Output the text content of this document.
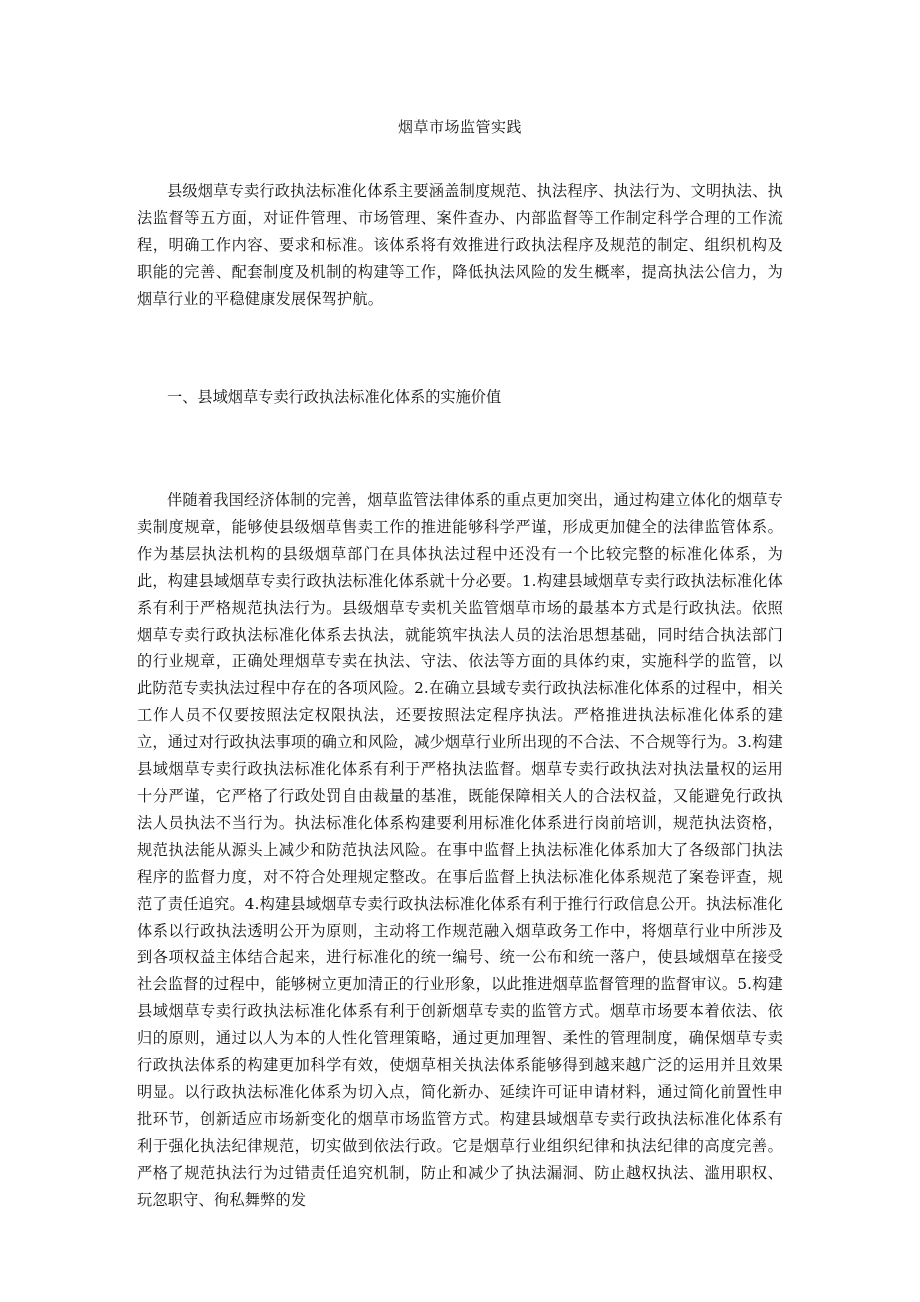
烟草市场监管实践

县级烟草专卖行政执法标准化体系主要涵盖制度规范、执法程序、执法行为、文明执法、执法监督等五方面，对证件管理、市场管理、案件查办、内部监督等工作制定科学合理的工作流程，明确工作内容、要求和标准。该体系将有效推进行政执法程序及规范的制定、组织机构及职能的完善、配套制度及机制的构建等工作，降低执法风险的发生概率，提高执法公信力，为烟草行业的平稳健康发展保驾护航。

一、县域烟草专卖行政执法标准化体系的实施价值

伴随着我国经济体制的完善，烟草监管法律体系的重点更加突出，通过构建立体化的烟草专卖制度规章，能够使县级烟草售卖工作的推进能够科学严谨，形成更加健全的法律监管体系。作为基层执法机构的县级烟草部门在具体执法过程中还没有一个比较完整的标准化体系，为此，构建县域烟草专卖行政执法标准化体系就十分必要。1.构建县域烟草专卖行政执法标准化体系有利于严格规范执法行为。县级烟草专卖机关监管烟草市场的最基本方式是行政执法。依照烟草专卖行政执法标准化体系去执法，就能筑牢执法人员的法治思想基础，同时结合执法部门的行业规章，正确处理烟草专卖在执法、守法、依法等方面的具体约束，实施科学的监管，以此防范专卖执法过程中存在的各项风险。2.在确立县域专卖行政执法标准化体系的过程中，相关工作人员不仅要按照法定权限执法，还要按照法定程序执法。严格推进执法标准化体系的建立，通过对行政执法事项的确立和风险，减少烟草行业所出现的不合法、不合规等行为。3.构建县域烟草专卖行政执法标准化体系有利于严格执法监督。烟草专卖行政执法对执法量权的运用十分严谨，它严格了行政处罚自由裁量的基准，既能保障相关人的合法权益，又能避免行政执法人员执法不当行为。执法标准化体系构建要利用标准化体系进行岗前培训，规范执法资格，规范执法能从源头上减少和防范执法风险。在事中监督上执法标准化体系加大了各级部门执法程序的监督力度，对不符合处理规定整改。在事后监督上执法标准化体系规范了案卷评查，规范了责任追究。4.构建县域烟草专卖行政执法标准化体系有利于推行行政信息公开。执法标准化体系以行政执法透明公开为原则，主动将工作规范融入烟草政务工作中，将烟草行业中所涉及到各项权益主体结合起来，进行标准化的统一编号、统一公布和统一落户，使县域烟草在接受社会监督的过程中，能够树立更加清正的行业形象，以此推进烟草监督管理的监督审议。5.构建县域烟草专卖行政执法标准化体系有利于创新烟草专卖的监管方式。烟草市场要本着依法、依归的原则，通过以人为本的人性化管理策略，通过更加理智、柔性的管理制度，确保烟草专卖行政执法体系的构建更加科学有效，使烟草相关执法体系能够得到越来越广泛的运用并且效果明显。以行政执法标准化体系为切入点，简化新办、延续许可证申请材料，通过简化前置性申批环节，创新适应市场新变化的烟草市场监管方式。构建县域烟草专卖行政执法标准化体系有利于强化执法纪律规范，切实做到依法行政。它是烟草行业组织纪律和执法纪律的高度完善。严格了规范执法行为过错责任追究机制，防止和减少了执法漏洞、防止越权执法、滥用职权、玩忽职守、徇私舞弊的发
